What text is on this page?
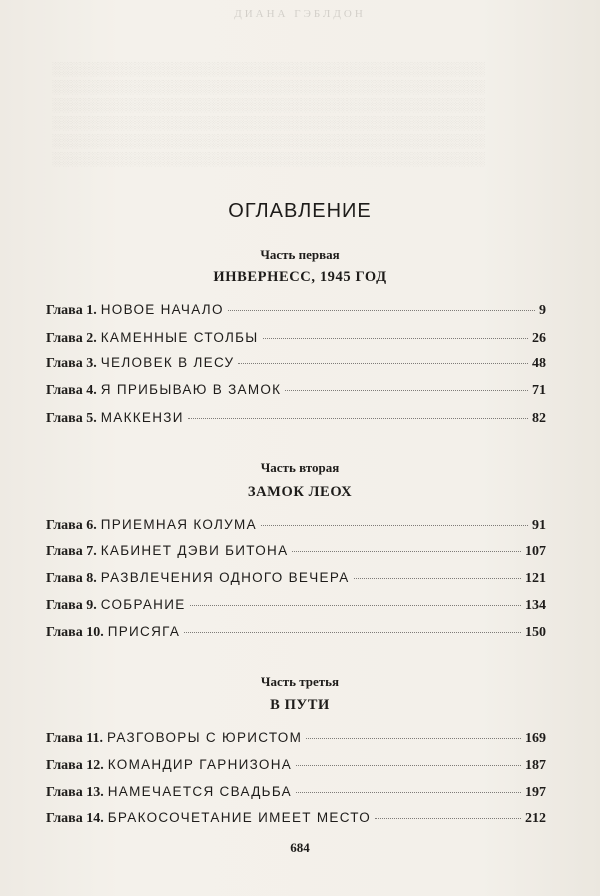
ДИАНА ГЭБЛДОН
░░░░░░░░░░░░░░░░░░░░░░░░░░░░░░░░░░░░░░░░░░░░░░░
░░░░░░░░░░░░░░░░░░░░░░░░░░░░░░░░░░░░░░░░░░░░░░░
░░░░░░░░░░░░░░░░░░░░░░░░░░░░░░░░░░░░░░░░░░░░░░░
░░░░░░░░░░░░░░░░░░░░░░░░░░░░░░░░░░░░░░░░░░░░░░░
░░░░░░░░░░░░░░░░░░░░░░░░░░░░░░░░░░░░░░░░░░░░░░░
░░░░░░░░░░░░░░░░░░░░░░░░░░░░░░░░░░░░░░░░░░░░░░░
ОГЛАВЛЕНИЕ
Часть первая
ИНВЕРНЕСС, 1945 ГОД
Глава 1. НОВОЕ НАЧАЛО	9
Глава 2. КАМЕННЫЕ СТОЛБЫ	26
Глава 3. ЧЕЛОВЕК В ЛЕСУ	48
Глава 4. Я ПРИБЫВАЮ В ЗАМОК	71
Глава 5. МАККЕНЗИ	82
Часть вторая
ЗАМОК ЛЕОХ
Глава 6. ПРИЕМНАЯ КОЛУМА	91
Глава 7. КАБИНЕТ ДЭВИ БИТОНА	107
Глава 8. РАЗВЛЕЧЕНИЯ ОДНОГО ВЕЧЕРА	121
Глава 9. СОБРАНИЕ	134
Глава 10. ПРИСЯГА	150
Часть третья
В ПУТИ
Глава 11. РАЗГОВОРЫ С ЮРИСТОМ	169
Глава 12. КОМАНДИР ГАРНИЗОНА	187
Глава 13. НАМЕЧАЕТСЯ СВАДЬБА	197
Глава 14. БРАКОСОЧЕТАНИЕ ИМЕЕТ МЕСТО	212
684
